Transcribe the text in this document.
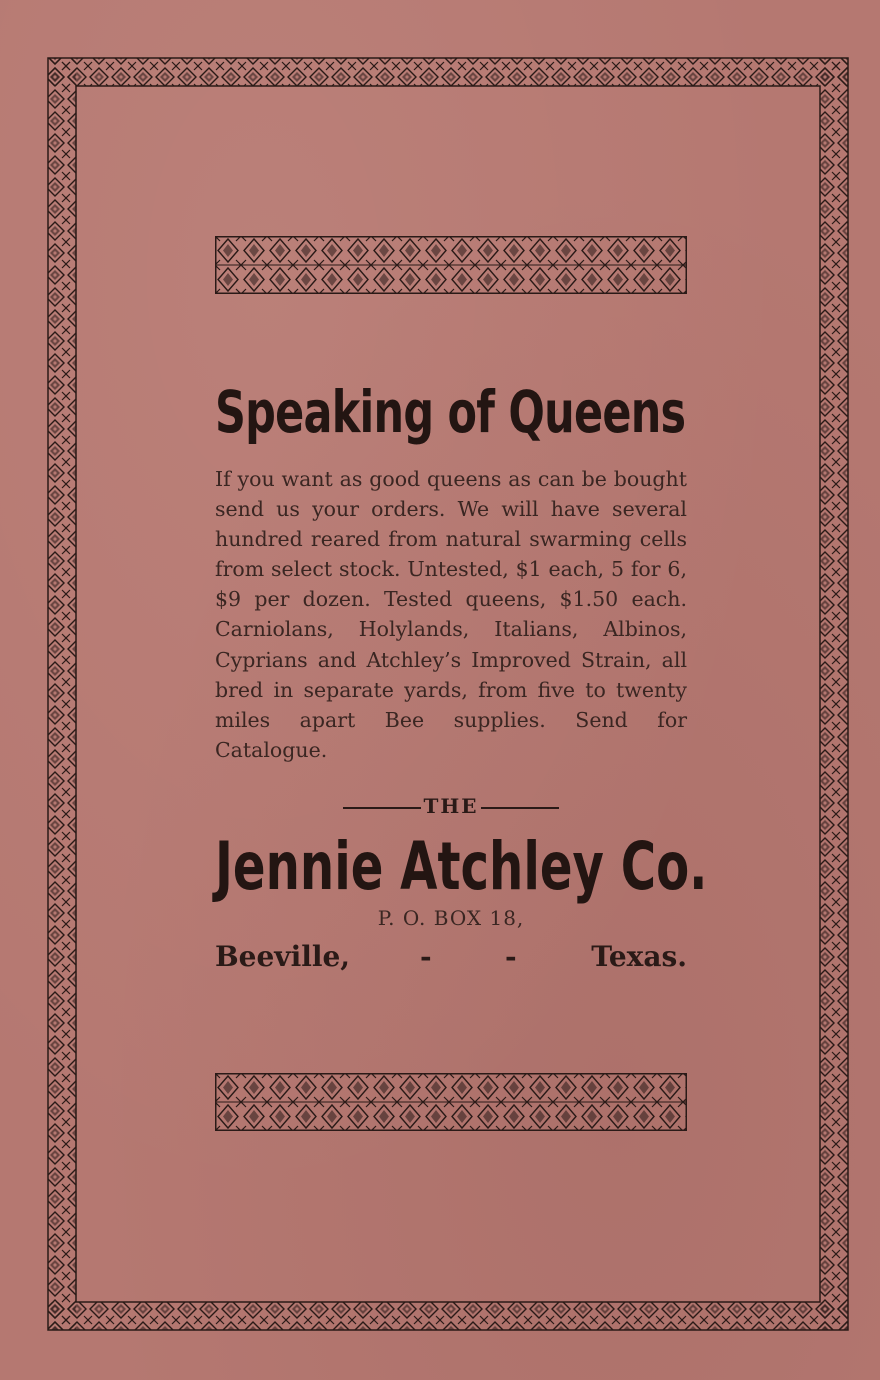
Speaking of Queens
If you want as good queens as can be bought send us your orders. We will have several hundred reared from natural swarming cells from select stock. Untested, $1 each, 5 for 6, $9 per dozen. Tested queens, $1.50 each. Carniolans, Holylands, Italians, Albinos, Cyprians and Atchley’s Improved Strain, all bred in separate yards, from five to twenty miles apart Bee supplies. Send for Catalogue.
THE
Jennie Atchley Co.
P. O. BOX 18,
Beeville, -	-	Texas.
